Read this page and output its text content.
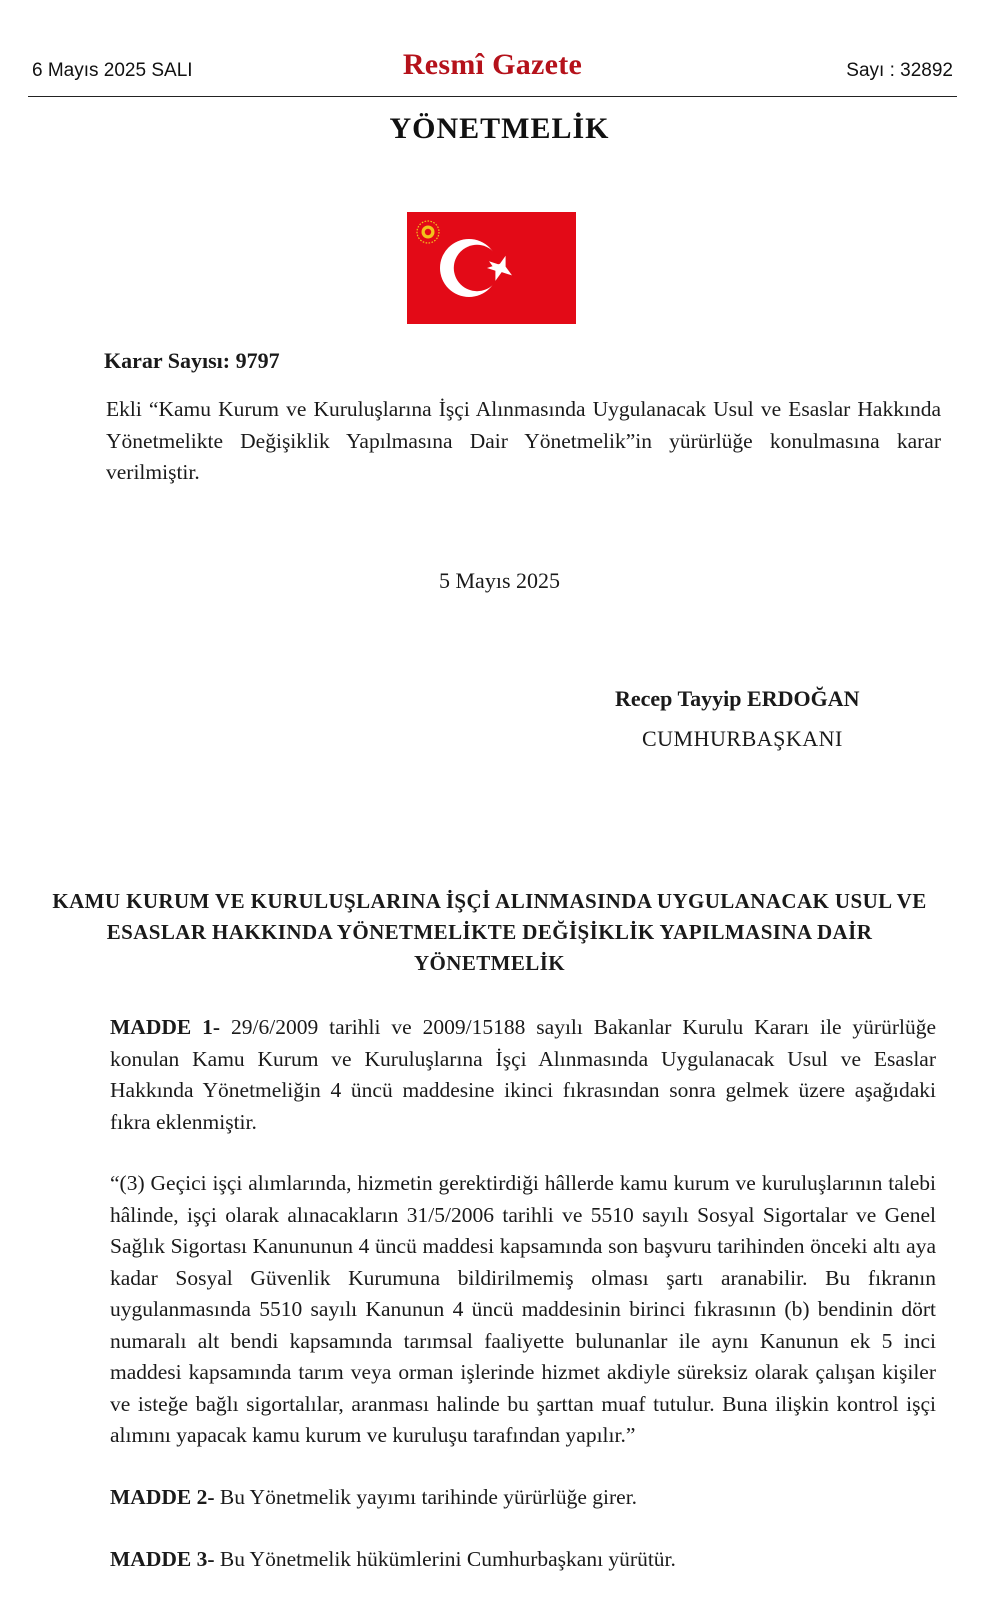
6 Mayıs 2025 SALI	Resmî Gazete	Sayı : 32892
YÖNETMELİK
Karar Sayısı: 9797

Ekli “Kamu Kurum ve Kuruluşlarına İşçi Alınmasında Uygulanacak Usul ve Esaslar Hakkında Yönetmelikte Değişiklik Yapılmasına Dair Yönetmelik”in yürürlüğe konulmasına karar verilmiştir.

5 Mayıs 2025
Recep Tayyip ERDOĞAN
CUMHURBAŞKANI
KAMU KURUM VE KURULUŞLARINA İŞÇİ ALINMASINDA UYGULANACAK USUL VE ESASLAR HAKKINDA YÖNETMELİKTE DEĞİŞİKLİK YAPILMASINA DAİR YÖNETMELİK

MADDE 1- 29/6/2009 tarihli ve 2009/15188 sayılı Bakanlar Kurulu Kararı ile yürürlüğe konulan Kamu Kurum ve Kuruluşlarına İşçi Alınmasında Uygulanacak Usul ve Esaslar Hakkında Yönetmeliğin 4 üncü maddesine ikinci fıkrasından sonra gelmek üzere aşağıdaki fıkra eklenmiştir.

“(3) Geçici işçi alımlarında, hizmetin gerektirdiği hâllerde kamu kurum ve kuruluşlarının talebi hâlinde, işçi olarak alınacakların 31/5/2006 tarihli ve 5510 sayılı Sosyal Sigortalar ve Genel Sağlık Sigortası Kanununun 4 üncü maddesi kapsamında son başvuru tarihinden önceki altı aya kadar Sosyal Güvenlik Kurumuna bildirilmemiş olması şartı aranabilir. Bu fıkranın uygulanmasında 5510 sayılı Kanunun 4 üncü maddesinin birinci fıkrasının (b) bendinin dört numaralı alt bendi kapsamında tarımsal faaliyette bulunanlar ile aynı Kanunun ek 5 inci maddesi kapsamında tarım veya orman işlerinde hizmet akdiyle süreksiz olarak çalışan kişiler ve isteğe bağlı sigortalılar, aranması halinde bu şarttan muaf tutulur. Buna ilişkin kontrol işçi alımını yapacak kamu kurum ve kuruluşu tarafından yapılır.”

MADDE 2- Bu Yönetmelik yayımı tarihinde yürürlüğe girer.

MADDE 3- Bu Yönetmelik hükümlerini Cumhurbaşkanı yürütür.
